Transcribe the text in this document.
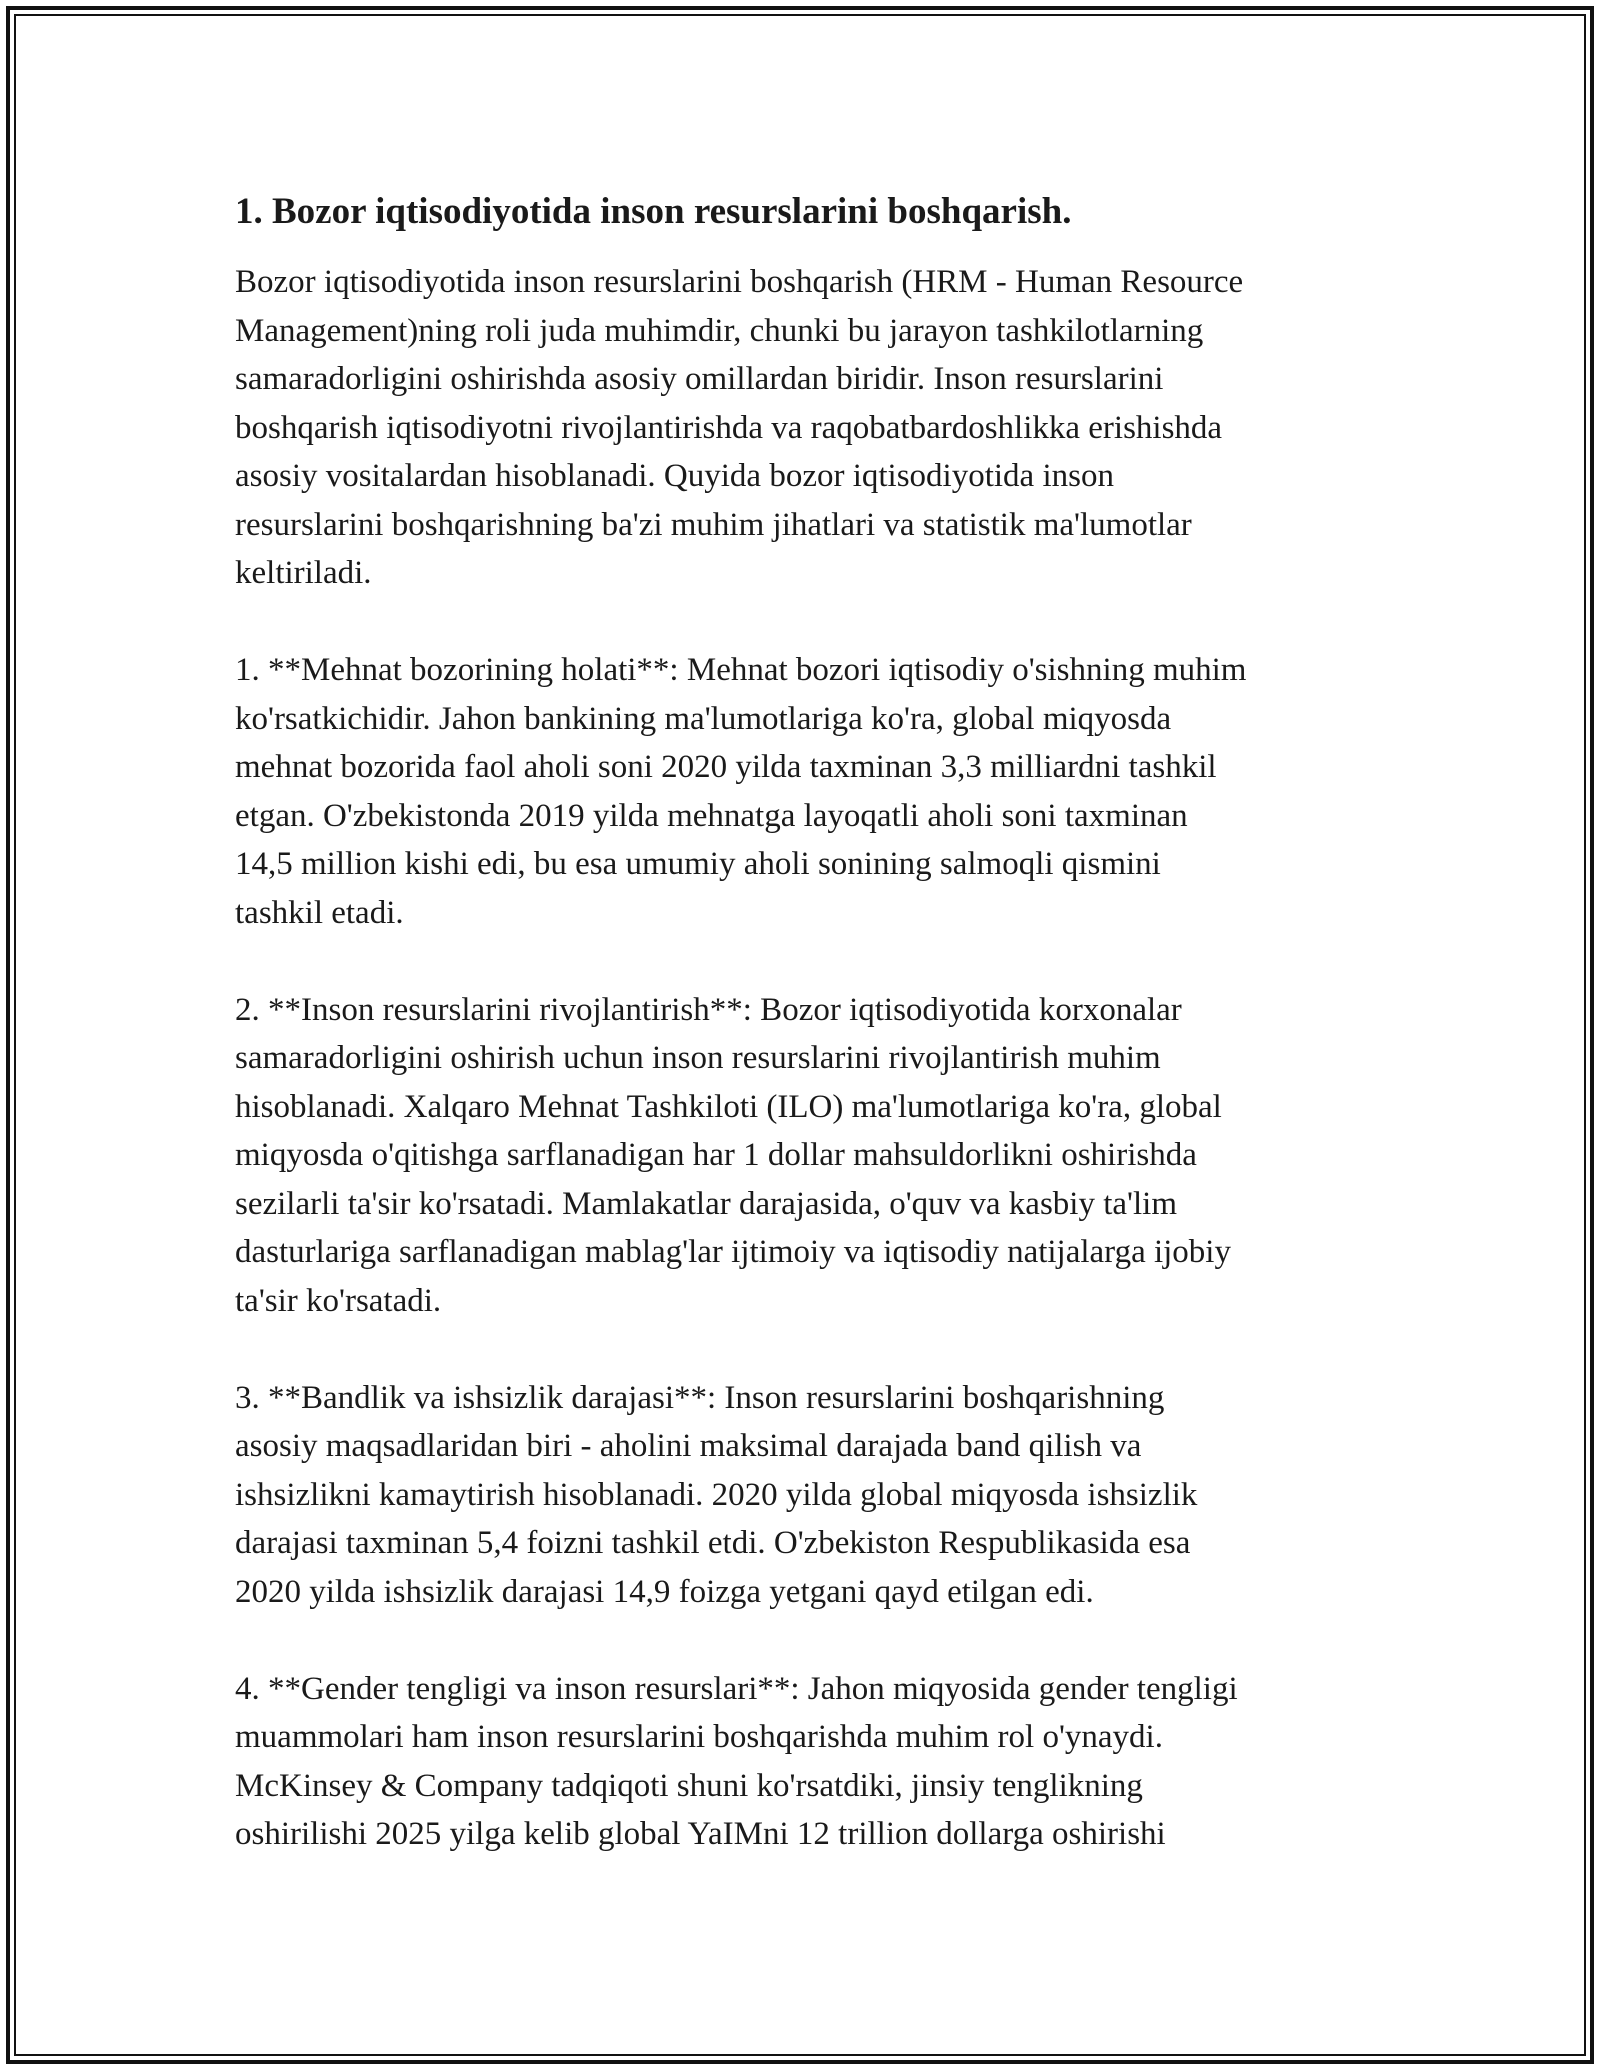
1. Bozor iqtisodiyotida inson resurslarini boshqarish.

Bozor iqtisodiyotida inson resurslarini boshqarish (HRM - Human Resource
Management)ning roli juda muhimdir, chunki bu jarayon tashkilotlarning
samaradorligini oshirishda asosiy omillardan biridir. Inson resurslarini
boshqarish iqtisodiyotni rivojlantirishda va raqobatbardoshlikka erishishda
asosiy vositalardan hisoblanadi. Quyida bozor iqtisodiyotida inson
resurslarini boshqarishning ba'zi muhim jihatlari va statistik ma'lumotlar
keltiriladi.

1. **Mehnat bozorining holati**: Mehnat bozori iqtisodiy o'sishning muhim
ko'rsatkichidir. Jahon bankining ma'lumotlariga ko'ra, global miqyosda
mehnat bozorida faol aholi soni 2020 yilda taxminan 3,3 milliardni tashkil
etgan. O'zbekistonda 2019 yilda mehnatga layoqatli aholi soni taxminan
14,5 million kishi edi, bu esa umumiy aholi sonining salmoqli qismini
tashkil etadi.

2. **Inson resurslarini rivojlantirish**: Bozor iqtisodiyotida korxonalar
samaradorligini oshirish uchun inson resurslarini rivojlantirish muhim
hisoblanadi. Xalqaro Mehnat Tashkiloti (ILO) ma'lumotlariga ko'ra, global
miqyosda o'qitishga sarflanadigan har 1 dollar mahsuldorlikni oshirishda
sezilarli ta'sir ko'rsatadi. Mamlakatlar darajasida, o'quv va kasbiy ta'lim
dasturlariga sarflanadigan mablag'lar ijtimoiy va iqtisodiy natijalarga ijobiy
ta'sir ko'rsatadi.

3. **Bandlik va ishsizlik darajasi**: Inson resurslarini boshqarishning
asosiy maqsadlaridan biri - aholini maksimal darajada band qilish va
ishsizlikni kamaytirish hisoblanadi. 2020 yilda global miqyosda ishsizlik
darajasi taxminan 5,4 foizni tashkil etdi. O'zbekiston Respublikasida esa
2020 yilda ishsizlik darajasi 14,9 foizga yetgani qayd etilgan edi.

4. **Gender tengligi va inson resurslari**: Jahon miqyosida gender tengligi
muammolari ham inson resurslarini boshqarishda muhim rol o'ynaydi.
McKinsey & Company tadqiqoti shuni ko'rsatdiki, jinsiy tenglikning
oshirilishi 2025 yilga kelib global YaIMni 12 trillion dollarga oshirishi
